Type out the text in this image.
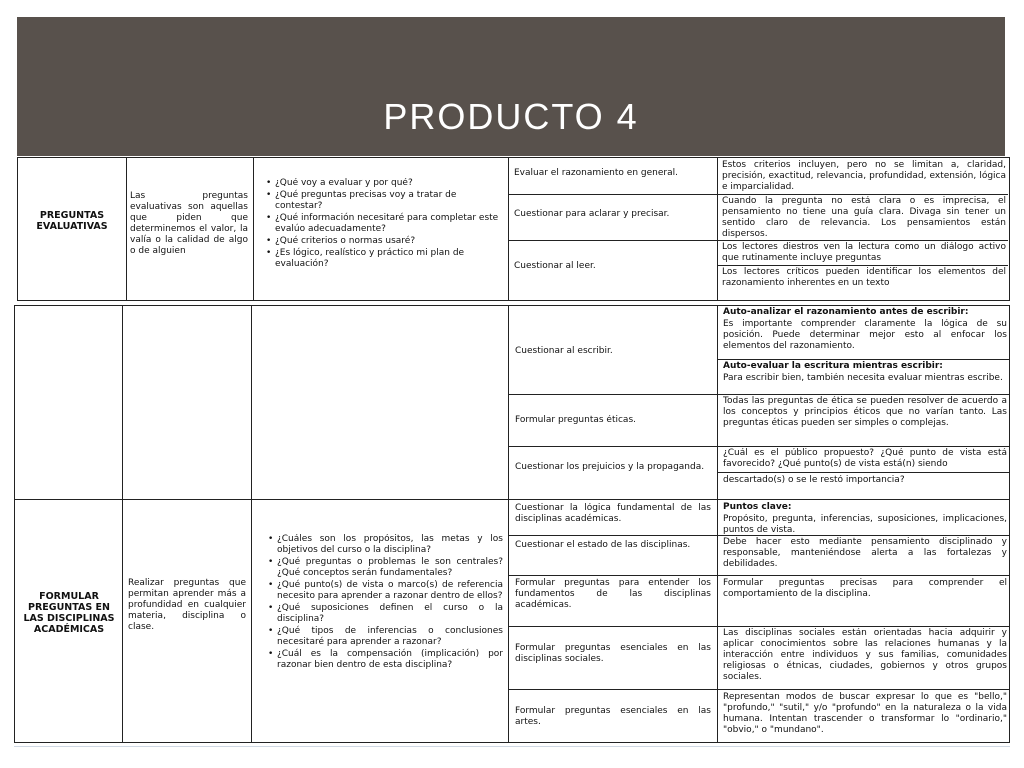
PRODUCTO 4
PREGUNTAS EVALUATIVAS
Las preguntas evaluativas son aquellas que piden que determinemos el valor, la valía o la calidad de algo o de alguien
• ¿Qué voy a evaluar y por qué?
• ¿Qué preguntas precisas voy a tratar de contestar?
• ¿Qué información necesitaré para completar este evalúo adecuadamente?
• ¿Qué criterios o normas usaré?
• ¿Es lógico, realístico y práctico mi plan de evaluación?
Evaluar el razonamiento en general.
Estos criterios incluyen, pero no se limitan a, claridad, precisión, exactitud, relevancia, profundidad, extensión, lógica e imparcialidad.
Cuestionar para aclarar y precisar.
Cuando la pregunta no está clara o es imprecisa, el pensamiento no tiene una guía clara. Divaga sin tener un sentido claro de relevancia. Los pensamientos están dispersos.
Cuestionar al leer.
Los lectores diestros ven la lectura como un diálogo activo que rutinamente incluye preguntas
Los lectores críticos pueden identificar los elementos del razonamiento inherentes en un texto
Cuestionar al escribir.
Auto-analizar el razonamiento antes de escribir:
Es importante comprender claramente la lógica de su posición. Puede determinar mejor esto al enfocar los elementos del razonamiento.
Auto-evaluar la escritura mientras escribir:
Para escribir bien, también necesita evaluar mientras escribe.
Formular preguntas éticas.
Todas las preguntas de ética se pueden resolver de acuerdo a los conceptos y principios éticos que no varían tanto. Las preguntas éticas pueden ser simples o complejas.
Cuestionar los prejuicios y la propaganda.
¿Cuál es el público propuesto? ¿Qué punto de vista está favorecido? ¿Qué punto(s) de vista está(n) siendo
descartado(s) o se le restó importancia?
FORMULAR PREGUNTAS EN LAS DISCIPLINAS ACADÉMICAS
Realizar preguntas que permitan aprender más a profundidad en cualquier materia, disciplina o clase.
• ¿Cuáles son los propósitos, las metas y los objetivos del curso o la disciplina?
• ¿Qué preguntas o problemas le son centrales? ¿Qué conceptos serán fundamentales?
• ¿Qué punto(s) de vista o marco(s) de referencia necesito para aprender a razonar dentro de ellos?
• ¿Qué suposiciones definen el curso o la disciplina?
• ¿Qué tipos de inferencias o conclusiones necesitaré para aprender a razonar?
• ¿Cuál es la compensación (implicación) por razonar bien dentro de esta disciplina?
Cuestionar la lógica fundamental de las disciplinas académicas.
Puntos clave:
Propósito, pregunta, inferencias, suposiciones, implicaciones, puntos de vista.
Cuestionar el estado de las disciplinas.	Debe hacer esto mediante pensamiento disciplinado y responsable, manteniéndose alerta a las fortalezas y debilidades.
Formular preguntas para entender los fundamentos de las disciplinas académicas.
Formular preguntas precisas para comprender el comportamiento de la disciplina.
Formular preguntas esenciales en las disciplinas sociales.
Las disciplinas sociales están orientadas hacia adquirir y aplicar conocimientos sobre las relaciones humanas y la interacción entre individuos y sus familias, comunidades religiosas o étnicas, ciudades, gobiernos y otros grupos sociales.
Formular preguntas esenciales en las artes.
Representan modos de buscar expresar lo que es "bello," "profundo," "sutil," y/o "profundo" en la naturaleza o la vida humana. Intentan trascender o transformar lo "ordinario," "obvio," o "mundano".
